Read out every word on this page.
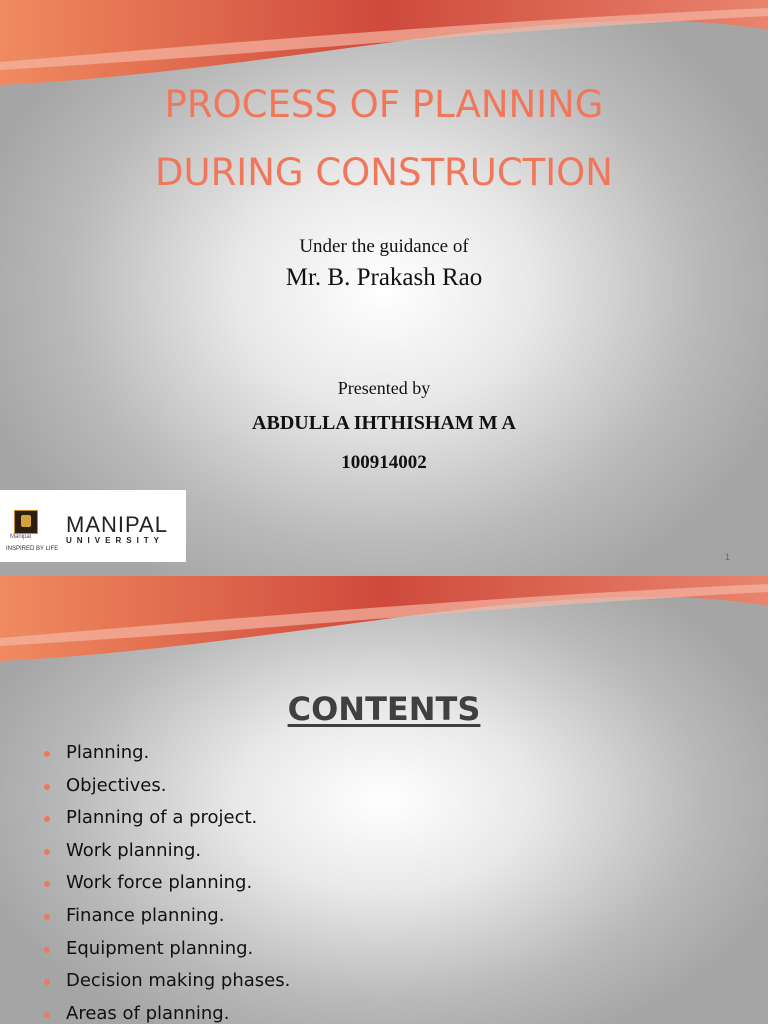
PROCESS OF PLANNING
DURING CONSTRUCTION
Under the guidance of
Mr. B. Prakash Rao
Presented by
ABDULLA IHTHISHAM M A
100914002
MANIPAL
UNIVERSITY
INSPIRED BY LIFE
Manipal
1
CONTENTS
Planning.
Objectives.
Planning of a project.
Work planning.
Work force planning.
Finance planning.
Equipment planning.
Decision making phases.
Areas of planning.
